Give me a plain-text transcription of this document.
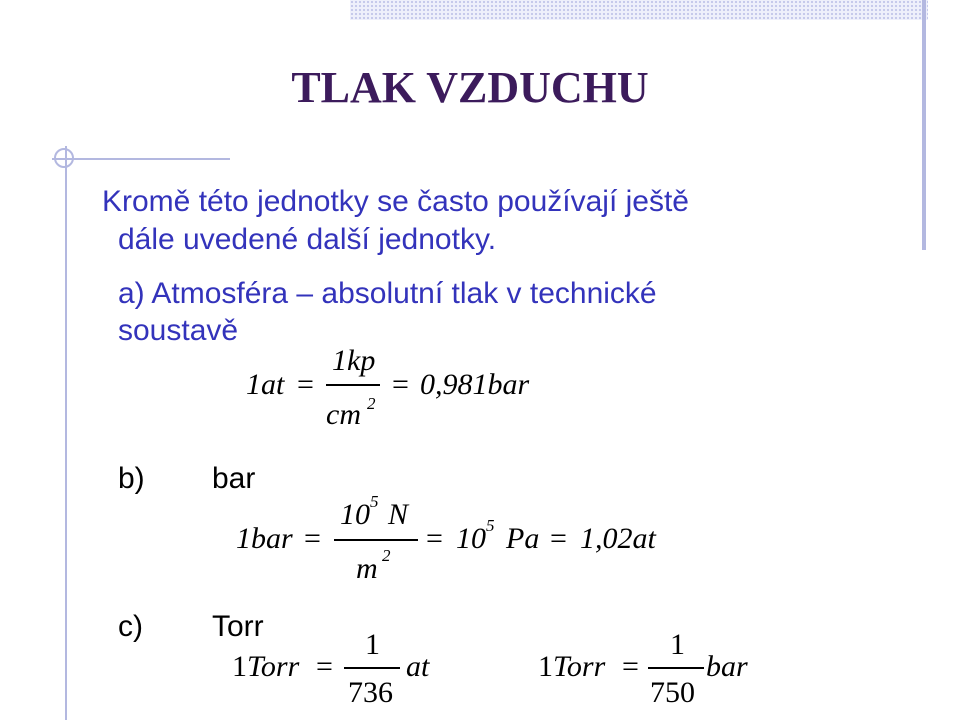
TLAK VZDUCHU
Kromě této jednotky se často používají ještě
dále uvedené další jednotky.
a) Atmosféra – absolutní tlak v technické
soustavě
1at =
1kp
cm 2
= 0,981bar
b) bar
1bar =
10 5 N
m 2
= 10 5 Pa = 1,02at
c) Torr
1 Torr =
1
736
at	1 Torr =
1
750
bar
